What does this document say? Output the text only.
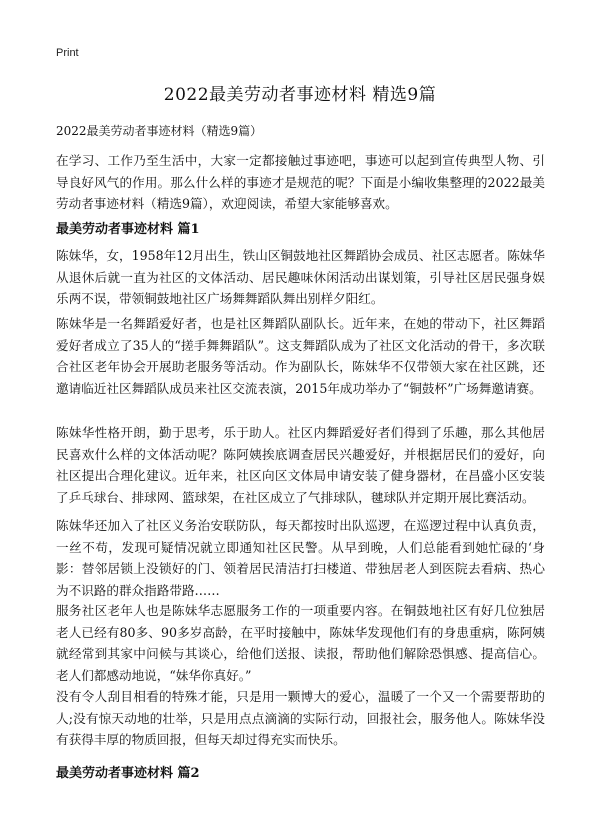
Print
2022最美劳动者事迹材料 精选9篇
2022最美劳动者事迹材料（精选9篇）

在学习、工作乃至生活中，大家一定都接触过事迹吧，事迹可以起到宣传典型人物、引导良好风气的作用。那么什么样的事迹才是规范的呢？下面是小编收集整理的2022最美劳动者事迹材料（精选9篇），欢迎阅读，希望大家能够喜欢。

最美劳动者事迹材料 篇1

陈妹华，女，1958年12月出生，铁山区铜鼓地社区舞蹈协会成员、社区志愿者。陈妹华从退休后就一直为社区的文体活动、居民趣味休闲活动出谋划策，引导社区居民强身娱乐两不误，带领铜鼓地社区广场舞舞蹈队舞出别样夕阳红。

陈妹华是一名舞蹈爱好者，也是社区舞蹈队副队长。近年来，在她的带动下，社区舞蹈爱好者成立了35人的“搓手舞舞蹈队”。这支舞蹈队成为了社区文化活动的骨干，多次联合社区老年协会开展助老服务等活动。作为副队长，陈妹华不仅带领大家在社区跳，还邀请临近社区舞蹈队成员来社区交流表演，2015年成功举办了“铜鼓杯”广场舞邀请赛。

陈妹华性格开朗，勤于思考，乐于助人。社区内舞蹈爱好者们得到了乐趣，那么其他居民喜欢什么样的文体活动呢？陈阿姨挨底调查居民兴趣爱好，并根据居民们的爱好，向社区提出合理化建议。近年来，社区向区文体局申请安装了健身器材，在昌盛小区安装了乒乓球台、排球网、篮球架，在社区成立了气排球队，毽球队并定期开展比赛活动。

陈妹华还加入了社区义务治安联防队，每天都按时出队巡逻，在巡逻过程中认真负责，一丝不苟，发现可疑情况就立即通知社区民警。从早到晚，人们总能看到她忙碌的‘身影：替邻居锁上没锁好的门、领着居民清洁打扫楼道、带独居老人到医院去看病、热心为不识路的群众指路带路……

服务社区老年人也是陈妹华志愿服务工作的一项重要内容。在铜鼓地社区有好几位独居老人已经有80多、90多岁高龄，在平时接触中，陈妹华发现他们有的身患重病，陈阿姨就经常到其家中问候与其谈心，给他们送报、读报，帮助他们解除恐惧感、提高信心。老人们都感动地说，“妹华你真好。”

没有令人刮目相看的特殊才能，只是用一颗博大的爱心，温暖了一个又一个需要帮助的人;没有惊天动地的壮举，只是用点点滴滴的实际行动，回报社会，服务他人。陈妹华没有获得丰厚的物质回报，但每天却过得充实而快乐。

最美劳动者事迹材料 篇2
